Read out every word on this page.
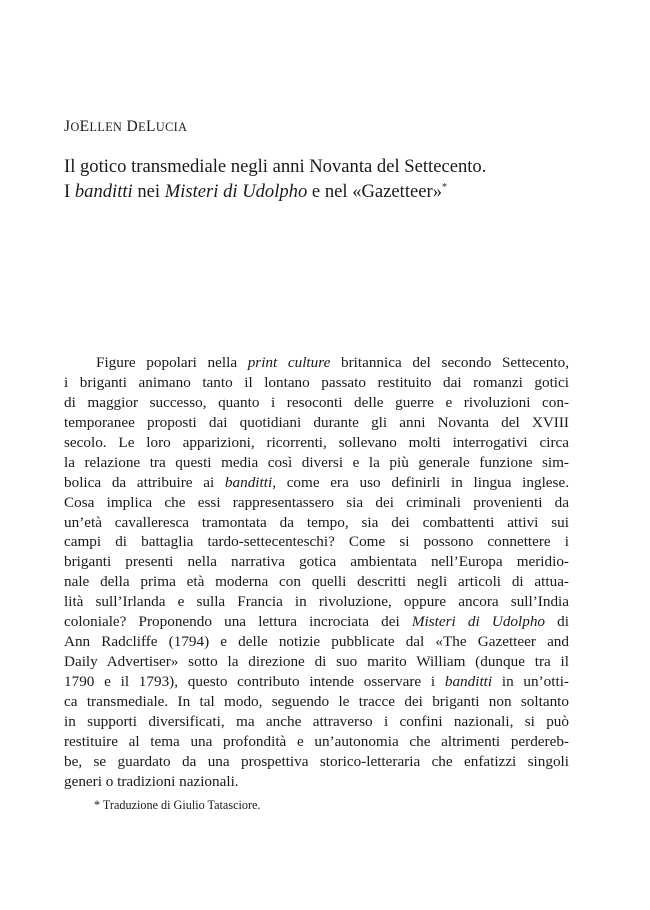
JOELLEN DELUCIA
Il gotico transmediale negli anni Novanta del Settecento.
I banditti nei Misteri di Udolpho e nel «Gazetteer»*
Figure popolari nella print culture britannica del secondo Settecento,
i briganti animano tanto il lontano passato restituito dai romanzi gotici
di maggior successo, quanto i resoconti delle guerre e rivoluzioni con-
temporanee proposti dai quotidiani durante gli anni Novanta del XVIII
secolo. Le loro apparizioni, ricorrenti, sollevano molti interrogativi circa
la relazione tra questi media così diversi e la più generale funzione sim-
bolica da attribuire ai banditti, come era uso definirli in lingua inglese.
Cosa implica che essi rappresentassero sia dei criminali provenienti da
un’età cavalleresca tramontata da tempo, sia dei combattenti attivi sui
campi di battaglia tardo-settecenteschi? Come si possono connettere i
briganti presenti nella narrativa gotica ambientata nell’Europa meridio-
nale della prima età moderna con quelli descritti negli articoli di attua-
lità sull’Irlanda e sulla Francia in rivoluzione, oppure ancora sull’India
coloniale? Proponendo una lettura incrociata dei Misteri di Udolpho di
Ann Radcliffe (1794) e delle notizie pubblicate dal «The Gazetteer and
Daily Advertiser» sotto la direzione di suo marito William (dunque tra il
1790 e il 1793), questo contributo intende osservare i banditti in un’otti-
ca transmediale. In tal modo, seguendo le tracce dei briganti non soltanto
in supporti diversificati, ma anche attraverso i confini nazionali, si può
restituire al tema una profondità e un’autonomia che altrimenti perdereb-
be, se guardato da una prospettiva storico-letteraria che enfatizzi singoli
generi o tradizioni nazionali.
* Traduzione di Giulio Tatasciore.
